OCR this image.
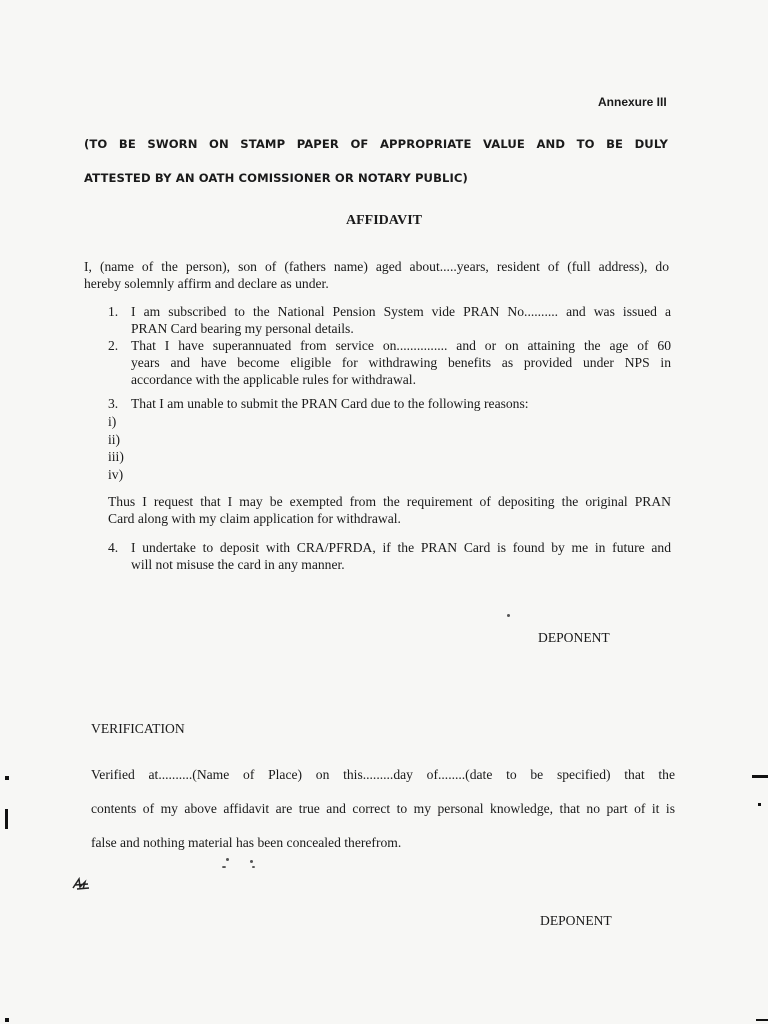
Annexure III
(TO BE SWORN ON STAMP PAPER OF APPROPRIATE VALUE AND TO BE DULY
ATTESTED BY AN OATH COMISSIONER OR NOTARY PUBLIC)
AFFIDAVIT
I, (name of the person), son of (fathers name) aged about.....years, resident of (full address), do
hereby solemnly affirm and declare as under.
1. I am subscribed to the National Pension System vide PRAN No.......... and was issued a
PRAN Card bearing my personal details.
2. That I have superannuated from service on............... and or on attaining the age of 60
years and have become eligible for withdrawing benefits as provided under NPS in
accordance with the applicable rules for withdrawal.
3. That I am unable to submit the PRAN Card due to the following reasons:
i)
ii)
iii)
iv)
Thus I request that I may be exempted from the requirement of depositing the original PRAN
Card along with my claim application for withdrawal.
4. I undertake to deposit with CRA/PFRDA, if the PRAN Card is found by me in future and
will not misuse the card in any manner.
DEPONENT
VERIFICATION
Verified at..........(Name of Place) on this.........day of........(date to be specified) that the
contents of my above affidavit are true and correct to my personal knowledge, that no part of it is
false and nothing material has been concealed therefrom.
DEPONENT
